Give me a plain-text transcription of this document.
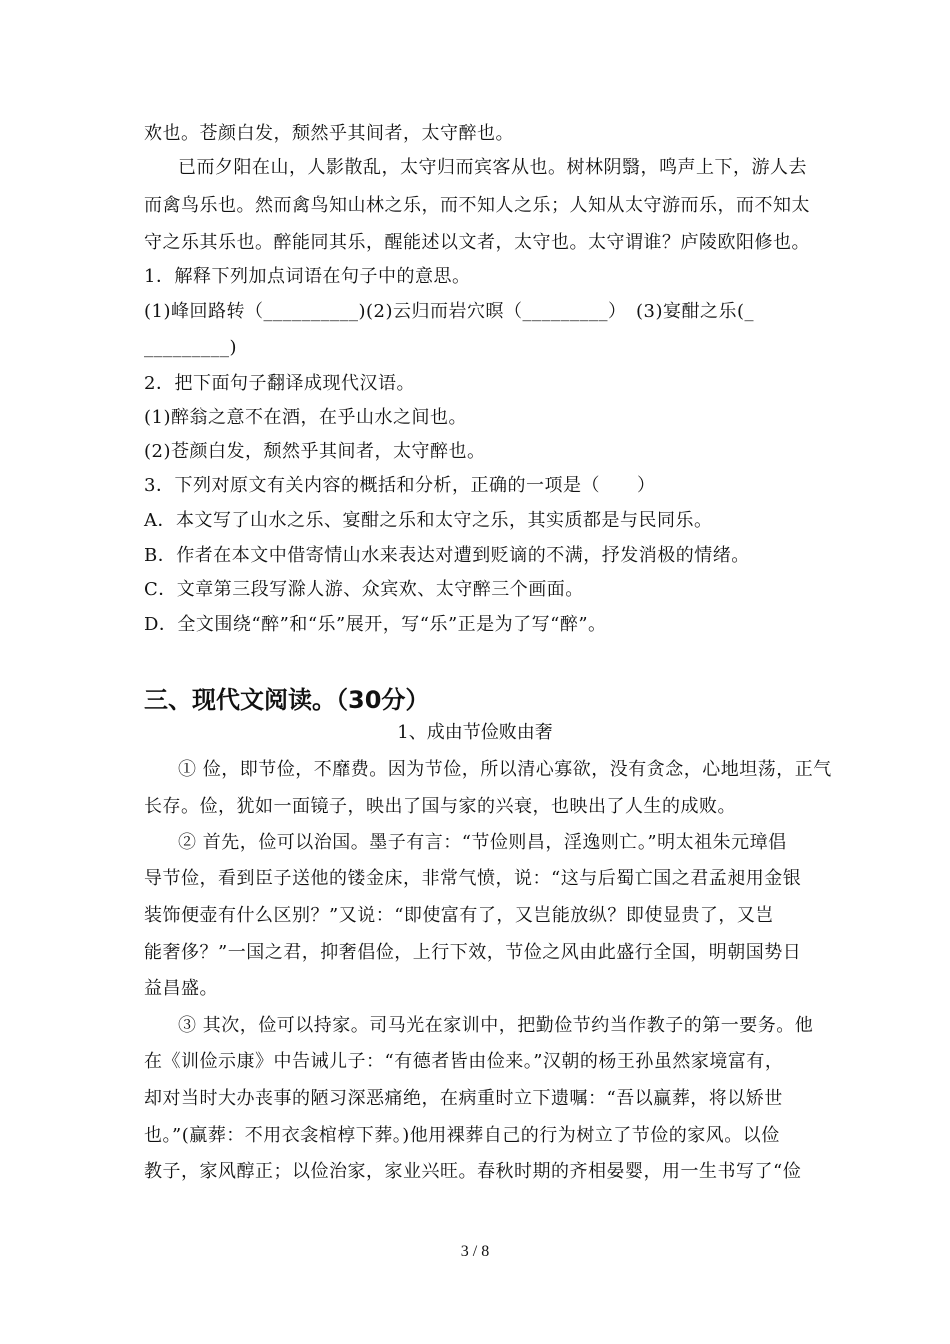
欢也。苍颜白发，颓然乎其间者，太守醉也。
已而夕阳在山，人影散乱，太守归而宾客从也。树林阴翳，鸣声上下，游人去
而禽鸟乐也。然而禽鸟知山林之乐，而不知人之乐；人知从太守游而乐，而不知太
守之乐其乐也。醉能同其乐，醒能述以文者，太守也。太守谓谁？庐陵欧阳修也。
1．解释下列加点词语在句子中的意思。
(1)峰回路转（__________)(2)云归而岩穴暝（_________）　(3)宴酣之乐(_
_________)
2．把下面句子翻译成现代汉语。
(1)醉翁之意不在酒，在乎山水之间也。
(2)苍颜白发，颓然乎其间者，太守醉也。
3．下列对原文有关内容的概括和分析，正确的一项是（　　）
A．本文写了山水之乐、宴酣之乐和太守之乐，其实质都是与民同乐。
B．作者在本文中借寄情山水来表达对遭到贬谪的不满，抒发消极的情绪。
C．文章第三段写滁人游、众宾欢、太守醉三个画面。
D．全文围绕“醉”和“乐”展开，写“乐”正是为了写“醉”。
三、现代文阅读。（30分）
1、成由节俭败由奢
① 俭，即节俭，不靡费。因为节俭，所以清心寡欲，没有贪念，心地坦荡，正气
长存。俭，犹如一面镜子，映出了国与家的兴衰，也映出了人生的成败。
② 首先，俭可以治国。墨子有言：“节俭则昌，淫逸则亡。”明太祖朱元璋倡
导节俭，看到臣子送他的镂金床，非常气愤，说：“这与后蜀亡国之君孟昶用金银
装饰便壶有什么区别？”又说：“即使富有了，又岂能放纵？即使显贵了，又岂
能奢侈？”一国之君，抑奢倡俭，上行下效，节俭之风由此盛行全国，明朝国势日
益昌盛。
③ 其次，俭可以持家。司马光在家训中，把勤俭节约当作教子的第一要务。他
在《训俭示康》中告诫儿子：“有德者皆由俭来。”汉朝的杨王孙虽然家境富有，
却对当时大办丧事的陋习深恶痛绝，在病重时立下遗嘱：“吾以赢葬，将以矫世
也。”(赢葬：不用衣衾棺椁下葬。)他用裸葬自己的行为树立了节俭的家风。以俭
教子，家风醇正；以俭治家，家业兴旺。春秋时期的齐相晏婴，用一生书写了“俭
3 / 8
